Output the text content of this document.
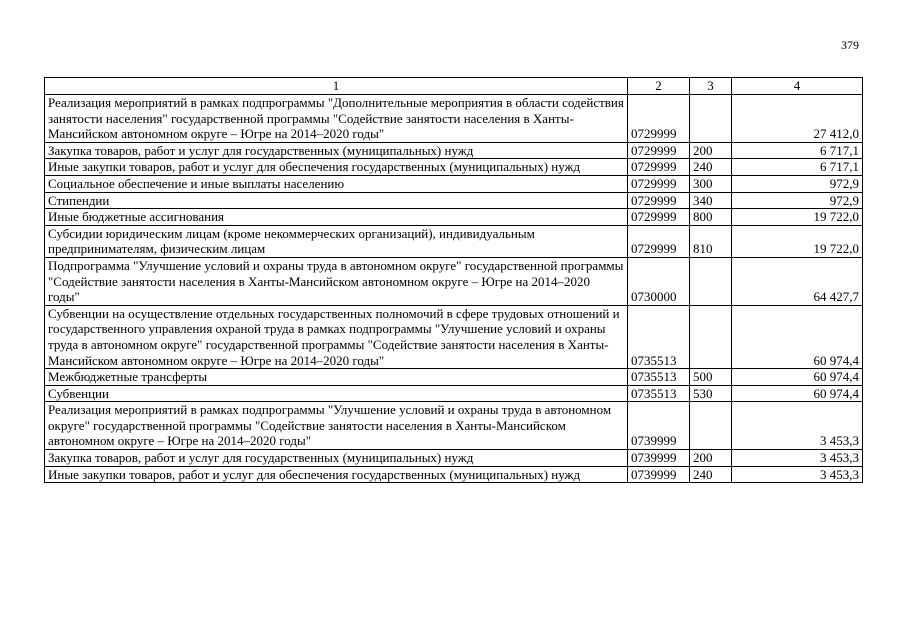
379
1	2	3	4
Реализация мероприятий в рамках подпрограммы "Дополнительные мероприятия в области содействия занятости населения" государственной программы "Содействие занятости населения в Ханты-Мансийском автономном округе – Югре на 2014–2020 годы"	0729999		27 412,0
Закупка товаров, работ и услуг для государственных (муниципальных) нужд	0729999	200	6 717,1
Иные закупки товаров, работ и услуг для обеспечения государственных (муниципальных) нужд	0729999	240	6 717,1
Социальное обеспечение и иные выплаты населению	0729999	300	972,9
Стипендии	0729999	340	972,9
Иные бюджетные ассигнования	0729999	800	19 722,0
Субсидии юридическим лицам (кроме некоммерческих организаций), индивидуальным предпринимателям, физическим лицам	0729999	810	19 722,0
Подпрограмма "Улучшение условий и охраны труда в автономном округе" государственной программы "Содействие занятости населения в Ханты-Мансийском автономном округе – Югре на 2014–2020 годы"	0730000		64 427,7
Субвенции на осуществление отдельных государственных полномочий в сфере трудовых отношений и государственного управления охраной труда в рамках подпрограммы "Улучшение условий и охраны труда в автономном округе" государственной программы "Содействие занятости населения в Ханты-Мансийском автономном округе – Югре на 2014–2020 годы"	0735513		60 974,4
Межбюджетные трансферты	0735513	500	60 974,4
Субвенции	0735513	530	60 974,4
Реализация мероприятий в рамках подпрограммы "Улучшение условий и охраны труда в автономном округе" государственной программы "Содействие занятости населения в Ханты-Мансийском автономном округе – Югре на 2014–2020 годы"	0739999		3 453,3
Закупка товаров, работ и услуг для государственных (муниципальных) нужд	0739999	200	3 453,3
Иные закупки товаров, работ и услуг для обеспечения государственных (муниципальных) нужд	0739999	240	3 453,3
